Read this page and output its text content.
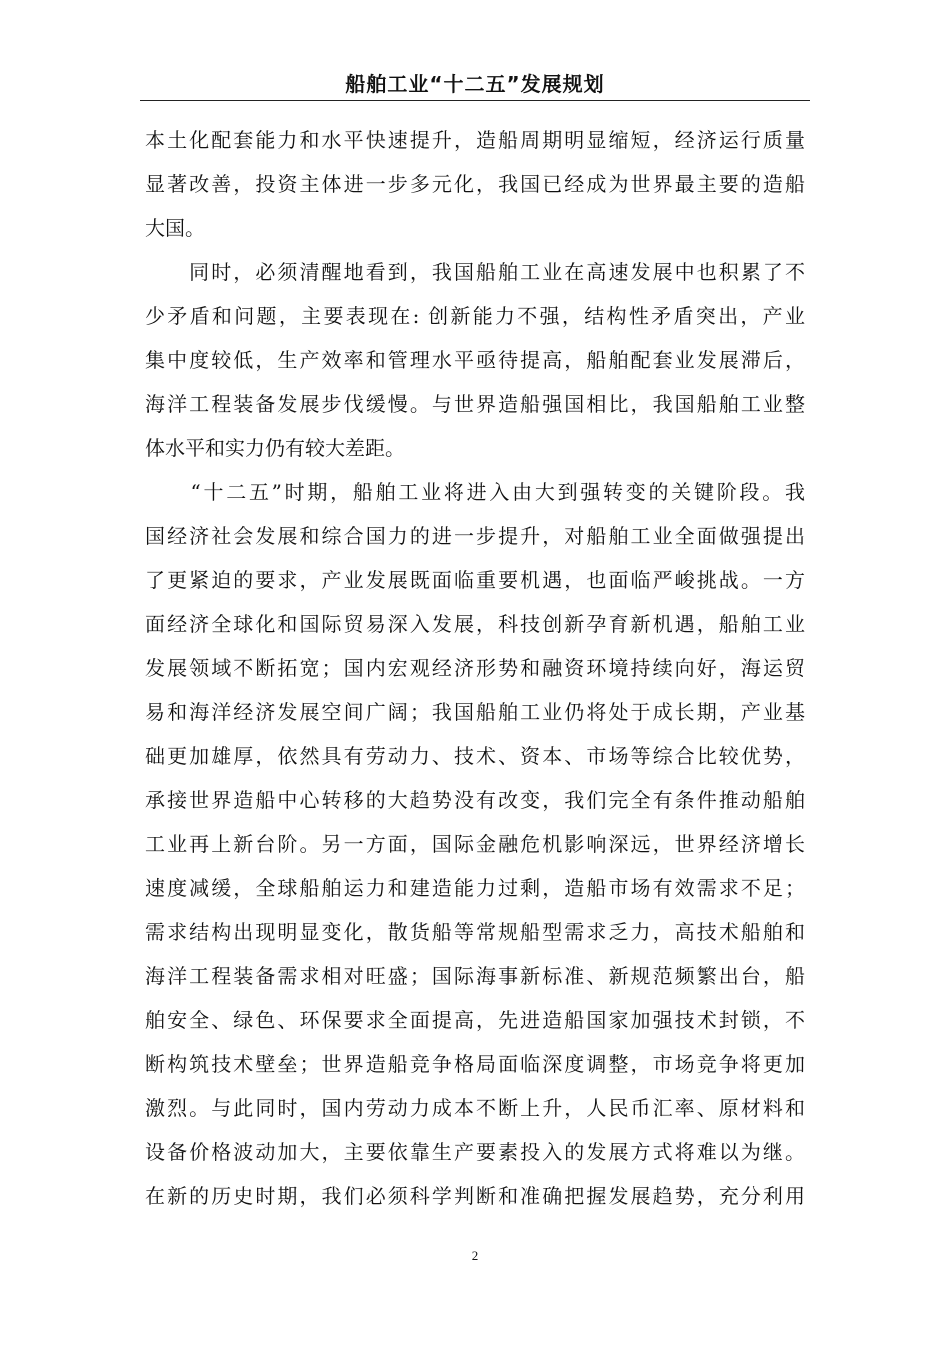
船舶工业“十二五”发展规划
本土化配套能力和水平快速提升，造船周期明显缩短，经济运行质量
显著改善，投资主体进一步多元化，我国已经成为世界最主要的造船
大国。
　　同时，必须清醒地看到，我国船舶工业在高速发展中也积累了不
少矛盾和问题，主要表现在: 创新能力不强，结构性矛盾突出，产业
集中度较低，生产效率和管理水平亟待提高，船舶配套业发展滞后，
海洋工程装备发展步伐缓慢。与世界造船强国相比，我国船舶工业整
体水平和实力仍有较大差距。
　　“十二五”时期，船舶工业将进入由大到强转变的关键阶段。我
国经济社会发展和综合国力的进一步提升，对船舶工业全面做强提出
了更紧迫的要求，产业发展既面临重要机遇，也面临严峻挑战。一方
面经济全球化和国际贸易深入发展，科技创新孕育新机遇，船舶工业
发展领域不断拓宽；国内宏观经济形势和融资环境持续向好，海运贸
易和海洋经济发展空间广阔；我国船舶工业仍将处于成长期，产业基
础更加雄厚，依然具有劳动力、技术、资本、市场等综合比较优势，
承接世界造船中心转移的大趋势没有改变，我们完全有条件推动船舶
工业再上新台阶。另一方面，国际金融危机影响深远，世界经济增长
速度减缓，全球船舶运力和建造能力过剩，造船市场有效需求不足；
需求结构出现明显变化，散货船等常规船型需求乏力，高技术船舶和
海洋工程装备需求相对旺盛；国际海事新标准、新规范频繁出台，船
舶安全、绿色、环保要求全面提高，先进造船国家加强技术封锁，不
断构筑技术壁垒；世界造船竞争格局面临深度调整，市场竞争将更加
激烈。与此同时，国内劳动力成本不断上升，人民币汇率、原材料和
设备价格波动加大，主要依靠生产要素投入的发展方式将难以为继。
在新的历史时期，我们必须科学判断和准确把握发展趋势，充分利用
2
